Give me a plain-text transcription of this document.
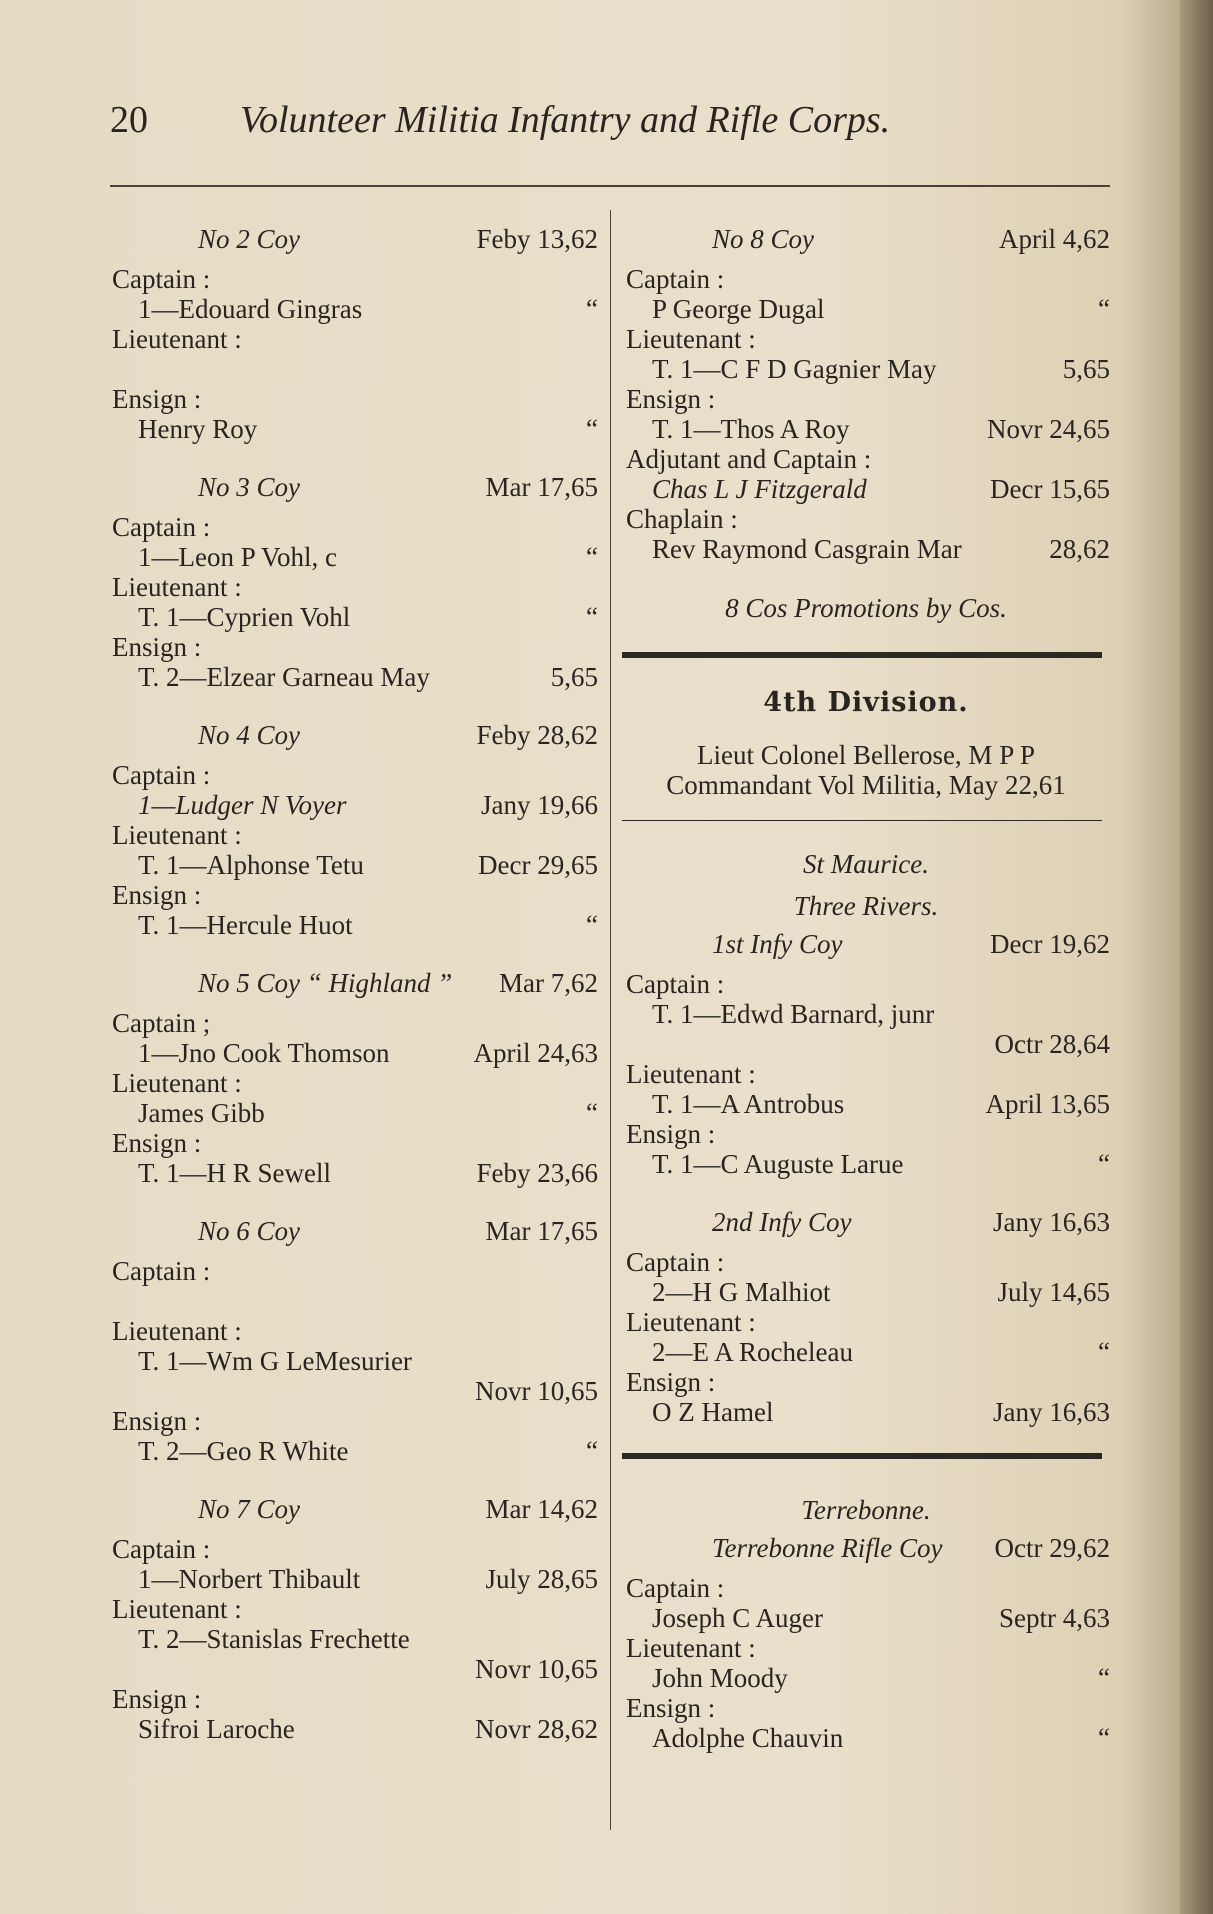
20 Volunteer Militia Infantry and Rifle Corps.
No 2 Coy	Feby 13,62
Captain :
1—Edouard Gingras	“
Lieutenant :
Ensign :
Henry Roy	“
No 3 Coy	Mar 17,65
Captain :
1—Leon P Vohl, c	“
Lieutenant :
T. 1—Cyprien Vohl	“
Ensign :
T. 2—Elzear Garneau May	5,65
No 4 Coy	Feby 28,62
Captain :
1—Ludger N Voyer	Jany 19,66
Lieutenant :
T. 1—Alphonse Tetu	Decr 29,65
Ensign :
T. 1—Hercule Huot	“
No 5 Coy “ Highland ” Mar 7,62
Captain ;
1—Jno Cook Thomson	April 24,63
Lieutenant :
James Gibb	“
Ensign :
T. 1—H R Sewell	Feby 23,66
No 6 Coy	Mar 17,65
Captain :
Lieutenant :
T. 1—Wm G LeMesurier
Novr 10,65
Ensign :
T. 2—Geo R White	“
No 7 Coy	Mar 14,62
Captain :
1—Norbert Thibault	July 28,65
Lieutenant :
T. 2—Stanislas Frechette
Novr 10,65
Ensign :
Sifroi Laroche	Novr 28,62
No 8 Coy	April 4,62
Captain :
P George Dugal	“
Lieutenant :
T. 1—C F D Gagnier May	5,65
Ensign :
T. 1—Thos A Roy	Novr 24,65
Adjutant and Captain :
Chas L J Fitzgerald	Decr 15,65
Chaplain :
Rev Raymond Casgrain Mar	28,62
8 Cos Promotions by Cos.
4th Division.
Lieut Colonel Bellerose, M P P
Commandant Vol Militia, May 22,61
St Maurice.
Three Rivers.
1st Infy Coy	Decr 19,62
Captain :
T. 1—Edwd Barnard, junr
Octr 28,64
Lieutenant :
T. 1—A Antrobus	April 13,65
Ensign :
T. 1—C Auguste Larue	“
2nd Infy Coy	Jany 16,63
Captain :
2—H G Malhiot	July 14,65
Lieutenant :
2—E A Rocheleau	“
Ensign :
O Z Hamel	Jany 16,63
Terrebonne.
Terrebonne Rifle Coy Octr 29,62
Captain :
Joseph C Auger	Septr 4,63
Lieutenant :
John Moody	“
Ensign :
Adolphe Chauvin	“
